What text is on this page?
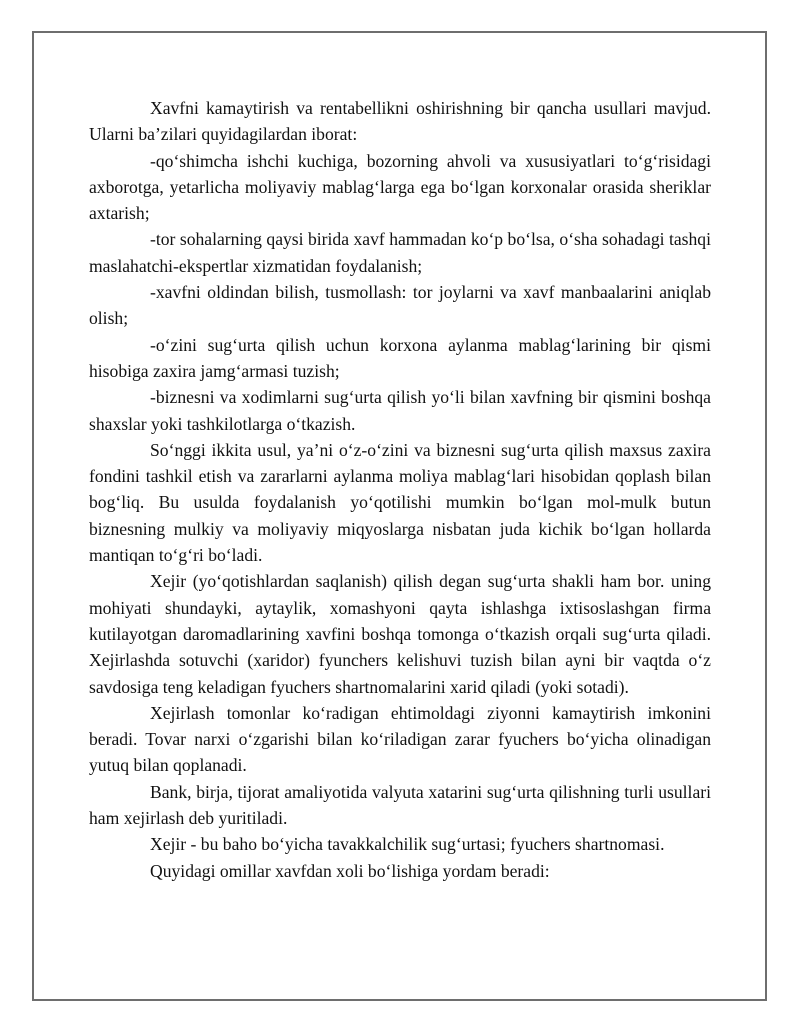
Xavfni kamaytirish va rentabellikni oshirishning bir qancha usullari mavjud. Ularni ba’zilari quyidagilardan iborat:

-qo‘shimcha ishchi kuchiga, bozorning ahvoli va xususiyatlari to‘g‘risidagi axborotga, yetarlicha moliyaviy mablag‘larga ega bo‘lgan korxonalar orasida sheriklar axtarish;

-tor sohalarning qaysi birida xavf hammadan ko‘p bo‘lsa, o‘sha sohadagi tashqi maslahatchi-ekspertlar xizmatidan foydalanish;

-xavfni oldindan bilish, tusmollash: tor joylarni va xavf manbaalarini aniqlab olish;

-o‘zini sug‘urta qilish uchun korxona aylanma mablag‘larining bir qismi hisobiga zaxira jamg‘armasi tuzish;

-biznesni va xodimlarni sug‘urta qilish yo‘li bilan xavfning bir qismini boshqa shaxslar yoki tashkilotlarga o‘tkazish.

So‘nggi ikkita usul, ya’ni o‘z-o‘zini va biznesni sug‘urta qilish maxsus zaxira fondini tashkil etish va zararlarni aylanma moliya mablag‘lari hisobidan qoplash bilan bog‘liq. Bu usulda foydalanish yo‘qotilishi mumkin bo‘lgan mol-mulk butun biznesning mulkiy va moliyaviy miqyoslarga nisbatan juda kichik bo‘lgan hollarda mantiqan to‘g‘ri bo‘ladi.

Xejir (yo‘qotishlardan saqlanish) qilish degan sug‘urta shakli ham bor. uning mohiyati shundayki, aytaylik, xomashyoni qayta ishlashga ixtisoslashgan firma kutilayotgan daromadlarining xavfini boshqa tomonga o‘tkazish orqali sug‘urta qiladi. Xejirlashda sotuvchi (xaridor) fyunchers kelishuvi tuzish bilan ayni bir vaqtda o‘z savdosiga teng keladigan fyuchers shartnomalarini xarid qiladi (yoki sotadi).

Xejirlash tomonlar ko‘radigan ehtimoldagi ziyonni kamaytirish imkonini beradi. Tovar narxi o‘zgarishi bilan ko‘riladigan zarar fyuchers bo‘yicha olinadigan yutuq bilan qoplanadi.

Bank, birja, tijorat amaliyotida valyuta xatarini sug‘urta qilishning turli usullari ham xejirlash deb yuritiladi.

Xejir - bu baho bo‘yicha tavakkalchilik sug‘urtasi; fyuchers shartnomasi.

Quyidagi omillar xavfdan xoli bo‘lishiga yordam beradi:
